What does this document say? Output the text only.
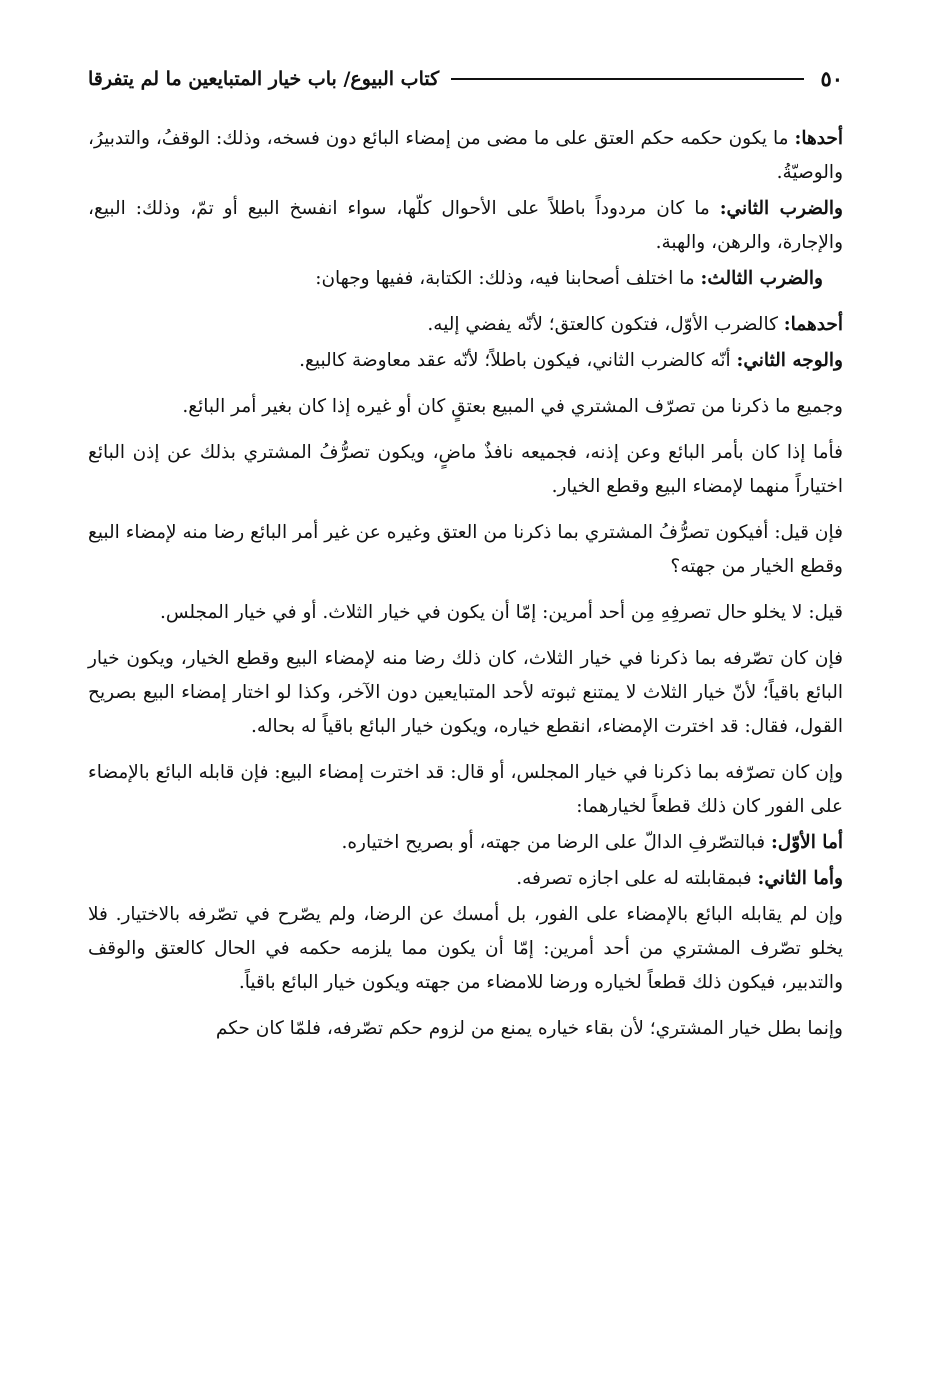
٥٠
كتاب البيوع/ باب خيار المتبايعين ما لم يتفرقا

أحدها: ما يكون حكمه حكم العتق على ما مضى من إمضاء البائع دون فسخه، وذلك: الوقفُ، والتدبيرُ، والوصيّةُ.

والضرب الثاني: ما كان مردوداً باطلاً على الأحوال كلّها، سواء انفسخ البيع أو تمّ، وذلك: البيع، والإجارة، والرهن، والهبة.

والضرب الثالث: ما اختلف أصحابنا فيه، وذلك: الكتابة، ففيها وجهان:

أحدهما: كالضرب الأوّل، فتكون كالعتق؛ لأنّه يفضي إليه.

والوجه الثاني: أنّه كالضرب الثاني، فيكون باطلاً؛ لأنّه عقد معاوضة كالبيع.

وجميع ما ذكرنا من تصرّف المشتري في المبيع بعتقٍ كان أو غيره إذا كان بغير أمر البائع.

فأما إذا كان بأمر البائع وعن إذنه، فجميعه نافذٌ ماضٍ، ويكون تصرُّفُ المشتري بذلك عن إذن البائع اختياراً منهما لإمضاء البيع وقطع الخيار.

فإن قيل: أفيكون تصرُّفُ المشتري بما ذكرنا من العتق وغيره عن غير أمر البائع رضا منه لإمضاء البيع وقطع الخيار من جهته؟

قيل: لا يخلو حال تصرفِهِ مِن أحد أمرين: إمّا أن يكون في خيار الثلاث. أو في خيار المجلس.

فإن كان تصّرفه بما ذكرنا في خيار الثلاث، كان ذلك رضا منه لإمضاء البيع وقطع الخيار، ويكون خيار البائع باقياً؛ لأنّ خيار الثلاث لا يمتنع ثبوته لأحد المتبايعين دون الآخر، وكذا لو اختار إمضاء البيع بصريح القول، فقال: قد اخترت الإمضاء، انقطع خياره، ويكون خيار البائع باقياً له بحاله.

وإن كان تصرّفه بما ذكرنا في خيار المجلس، أو قال: قد اخترت إمضاء البيع: فإن قابله البائع بالإمضاء على الفور كان ذلك قطعاً لخيارهما:

أما الأوّل: فبالتصّرفِ الدالّ على الرضا من جهته، أو بصريح اختياره.

وأما الثاني: فبمقابلته له على اجازه تصرفه.

وإن لم يقابله البائع بالإمضاء على الفور، بل أمسك عن الرضا، ولم يصّرح في تصّرفه بالاختيار. فلا يخلو تصّرف المشتري من أحد أمرين: إمّا أن يكون مما يلزمه حكمه في الحال كالعتق والوقف والتدبير، فيكون ذلك قطعاً لخياره ورضا للامضاء من جهته ويكون خيار البائع باقياً.

وإنما بطل خيار المشتري؛ لأن بقاء خياره يمنع من لزوم حكم تصّرفه، فلمّا كان حكم
